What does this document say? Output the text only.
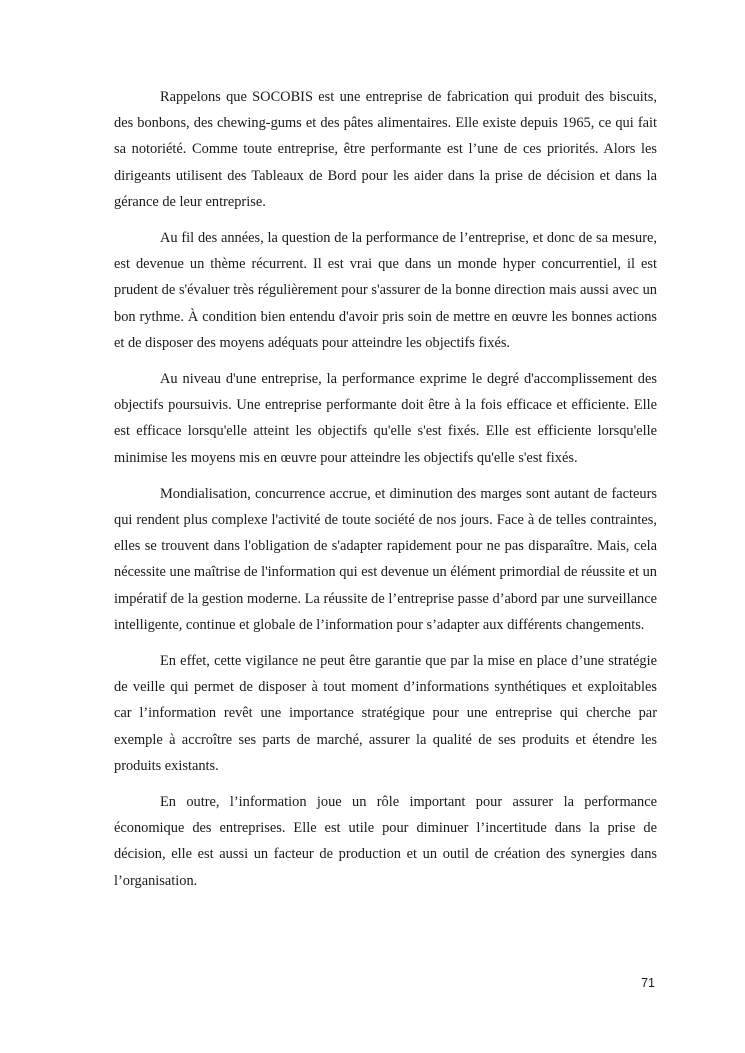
Rappelons que SOCOBIS est une entreprise de fabrication qui produit des biscuits, des bonbons, des chewing-gums et des pâtes alimentaires. Elle existe depuis 1965, ce qui fait sa notoriété. Comme toute entreprise, être performante est l’une de ces priorités. Alors les dirigeants utilisent des Tableaux de Bord pour les aider dans la prise de décision et dans la gérance de leur entreprise.

Au fil des années, la question de la performance de l’entreprise, et donc de sa mesure, est devenue un thème récurrent. Il est vrai que dans un monde hyper concurrentiel, il est prudent de s'évaluer très régulièrement pour s'assurer de la bonne direction mais aussi avec un bon rythme. À condition bien entendu d'avoir pris soin de mettre en œuvre les bonnes actions et de disposer des moyens adéquats pour atteindre les objectifs fixés.

Au niveau d'une entreprise, la performance exprime le degré d'accomplissement des objectifs poursuivis. Une entreprise performante doit être à la fois efficace et efficiente. Elle est efficace lorsqu'elle atteint les objectifs qu'elle s'est fixés. Elle est efficiente lorsqu'elle minimise les moyens mis en œuvre pour atteindre les objectifs qu'elle s'est fixés.

Mondialisation, concurrence accrue, et diminution des marges sont autant de facteurs qui rendent plus complexe l'activité de toute société de nos jours. Face à de telles contraintes, elles se trouvent dans l'obligation de s'adapter rapidement pour ne pas disparaître. Mais, cela nécessite une maîtrise de l'information qui est devenue un élément primordial de réussite et un impératif de la gestion moderne. La réussite de l’entreprise passe d’abord par une surveillance intelligente, continue et globale de l’information pour s’adapter aux différents changements.

En effet, cette vigilance ne peut être garantie que par la mise en place d’une stratégie de veille qui permet de disposer à tout moment d’informations synthétiques et exploitables car l’information revêt une importance stratégique pour une entreprise qui cherche par exemple à accroître ses parts de marché, assurer la qualité de ses produits et étendre les produits existants.

En outre, l’information joue un rôle important pour assurer la performance économique des entreprises. Elle est utile pour diminuer l’incertitude dans la prise de décision, elle est aussi un facteur de production et un outil de création des synergies dans l’organisation.

71
